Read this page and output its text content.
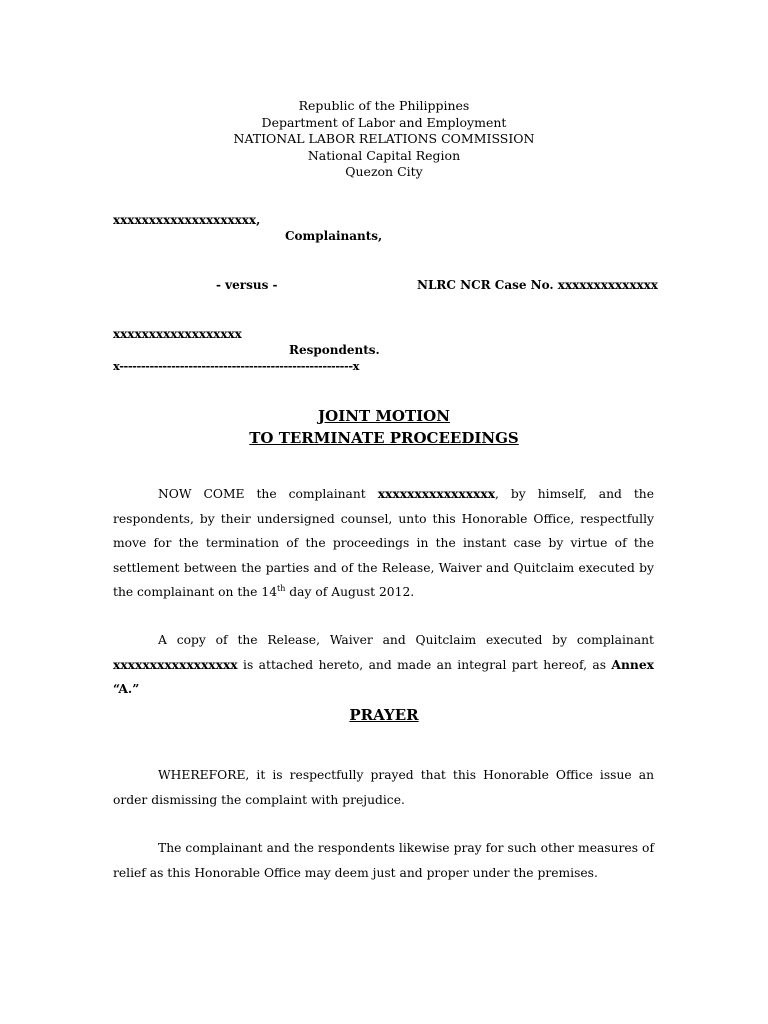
Republic of the Philippines
Department of Labor and Employment
NATIONAL LABOR RELATIONS COMMISSION
National Capital Region
Quezon City
xxxxxxxxxxxxxxxxxxxx,
Complainants,
- versus -	NLRC NCR Case No. xxxxxxxxxxxxxx
xxxxxxxxxxxxxxxxxx
Respondents.
x------------------------------------------------------x
JOINT MOTION
TO TERMINATE PROCEEDINGS
NOW COME the complainant xxxxxxxxxxxxxxxx, by himself, and the respondents, by their undersigned counsel, unto this Honorable Office, respectfully move for the termination of the proceedings in the instant case by virtue of the settlement between the parties and of the Release, Waiver and Quitclaim executed by the complainant on the 14th day of August 2012.
A copy of the Release, Waiver and Quitclaim executed by complainant xxxxxxxxxxxxxxxxx is attached hereto, and made an integral part hereof, as Annex “A.”
PRAYER
WHEREFORE, it is respectfully prayed that this Honorable Office issue an order dismissing the complaint with prejudice.
The complainant and the respondents likewise pray for such other measures of relief as this Honorable Office may deem just and proper under the premises.
